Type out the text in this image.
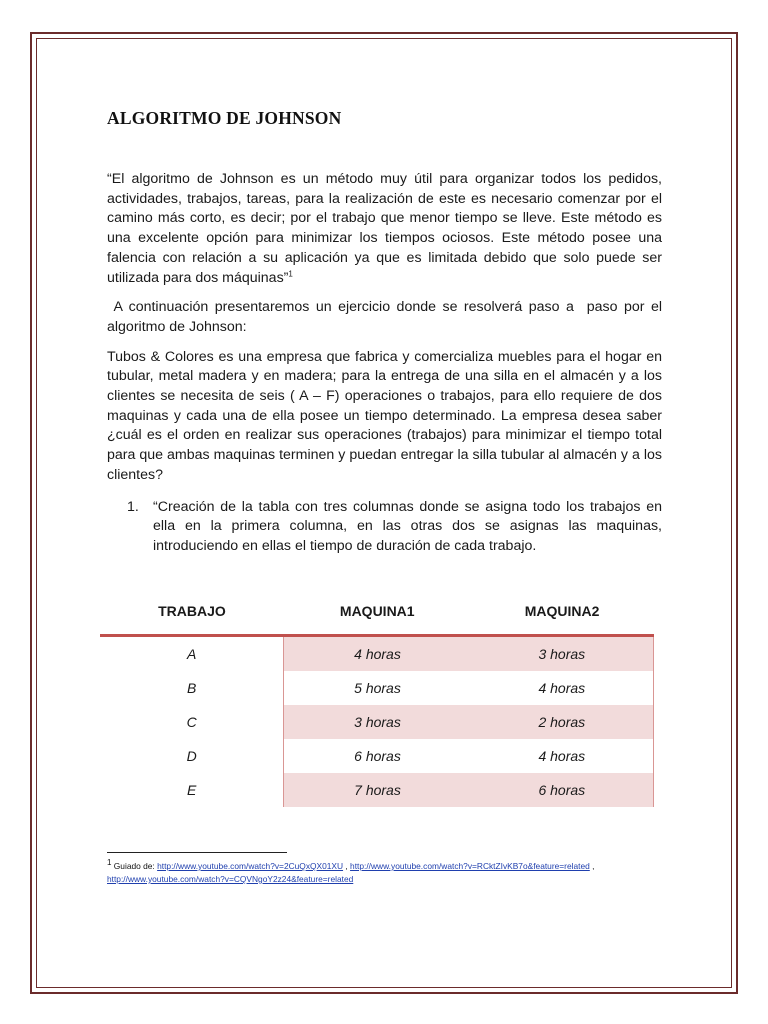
ALGORITMO DE JOHNSON

“El algoritmo de Johnson es un método muy útil para organizar todos los pedidos, actividades, trabajos, tareas, para la realización de este es necesario comenzar por el camino más corto, es decir; por el trabajo que menor tiempo se lleve. Este método es una excelente opción para minimizar los tiempos ociosos. Este método posee una falencia con relación a su aplicación ya que es limitada debido que solo puede ser utilizada para dos máquinas”$^1$

A continuación presentaremos un ejercicio donde se resolverá paso a  paso por el algoritmo de Johnson:

Tubos & Colores es una empresa que fabrica y comercializa muebles para el hogar en tubular, metal madera y en madera; para la entrega de una silla en el almacén y a los clientes se necesita de seis ( A – F) operaciones o trabajos, para ello requiere de dos maquinas y cada una de ella posee un tiempo determinado. La empresa desea saber ¿cuál es el orden en realizar sus operaciones (trabajos) para minimizar el tiempo total para que ambas maquinas terminen y puedan entregar la silla tubular al almacén y a los clientes?

1. “Creación de la tabla con tres columnas donde se asigna todo los trabajos en ella en la primera columna, en las otras dos se asignas las maquinas, introduciendo en ellas el tiempo de duración de cada trabajo.
TRABAJO	MAQUINA1	MAQUINA2
A	4 horas	3 horas
B	5 horas	4 horas
C	3 horas	2 horas
D	6 horas	4 horas
E	7 horas	6 horas
$^1$ Guiado de: http://www.youtube.com/watch?v=2CuQxQX01XU , http://www.youtube.com/watch?v=RCktZIvKB7o&feature=related ,
http://www.youtube.com/watch?v=CQVNgoY2z24&feature=related
